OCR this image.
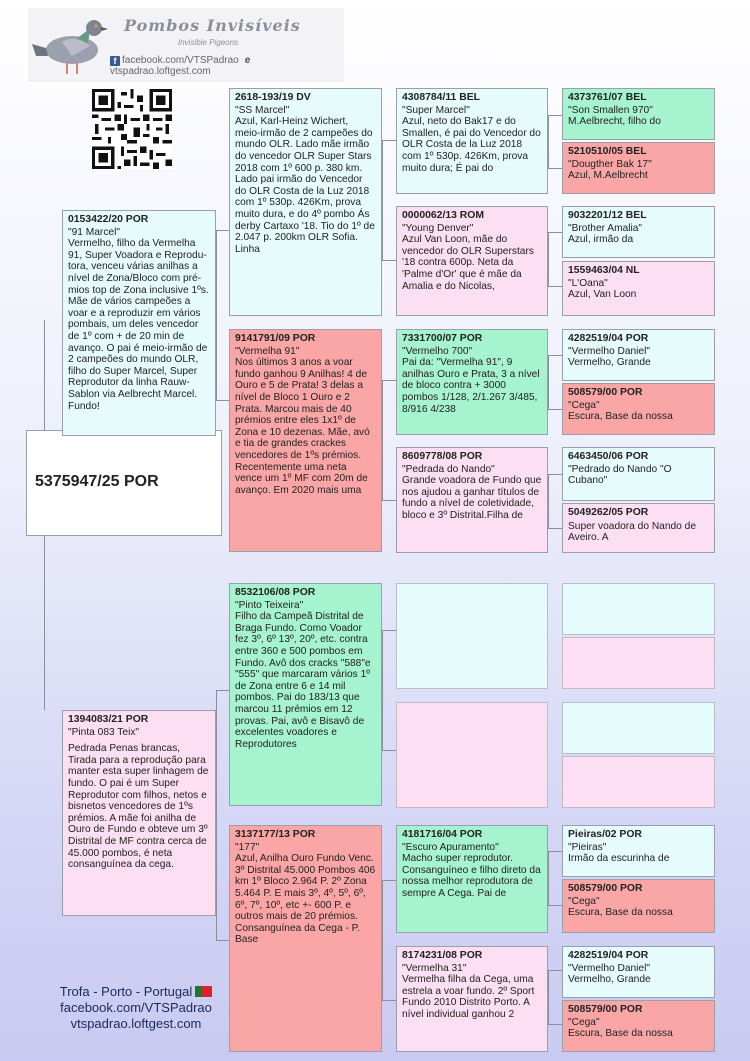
Pombos Invisíveis
Invisible Pigeons
f facebook.com/VTSPadrao evtspadrao.loftgest.com
5375947/25 POR
0153422/20 POR
"91 Marcel"
Vermelho, filho da Vermelha 91, Super Voadora e Reprodu-tora, venceu várias anilhas a nível de Zona/Bloco com pré-mios top de Zona inclusive 1ºs. Mãe de vários campeões a voar e a reproduzir em vários pombais, um deles vencedor de 1º com + de 20 min de avanço. O pai é meio-irmão de 2 campeões do mundo OLR, filho do Super Marcel, Super Reprodutor da linha Rauw-Sablon via Aelbrecht Marcel. Fundo!
1394083/21 POR
"Pinta 083 Teix"
Pedrada Penas brancas, Tirada para a reprodução para manter esta super linhagem de fundo. O pai é um Super Reprodutor com filhos, netos e bisnetos vencedores de 1ºs prémios. A mãe foi anilha de Ouro de Fundo e obteve um 3º Distrital de MF contra cerca de 45.000 pombos, é neta consanguínea da cega.
2618-193/19 DV
"SS Marcel"
Azul, Karl-Heinz Wichert, meio-irmão de 2 campeões do mundo OLR. Lado mãe irmão do vencedor OLR Super Stars 2018 com 1º 600 p. 380 km. Lado pai irmão do Vencedor do OLR Costa de la Luz 2018 com 1º 530p. 426Km, prova muito dura, e do 4º pombo Ás derby Cartaxo '18. Tio do 1º de 2.047 p. 200km OLR Sofia. Linha
9141791/09 POR
"Vermelha 91"
Nos últimos 3 anos a voar fundo ganhou 9 Anilhas! 4 de Ouro e 5 de Prata! 3 delas a nível de Bloco 1 Ouro e 2 Prata. Marcou mais de 40 prémios entre eles 1x1º de Zona e 10 dezenas. Mãe, avó e tia de grandes crackes vencedores de 1ºs prémios. Recentemente uma neta vence um 1º MF com 20m de avanço. Em 2020 mais uma
8532106/08 POR
"Pinto Teixeira"
Filho da Campeã Distrital de Braga Fundo. Como Voador fez 3º, 6º 13º, 20º, etc. contra entre 360 e 500 pombos em Fundo. Avô dos cracks "588"e "555" que marcaram vários 1º de Zona entre 6 e 14 mil pombos. Pai do 183/13 que marcou 11 prémios em 12 provas. Pai, avô e Bisavô de excelentes voadores e Reprodutores
3137177/13 POR
"177"
Azul, Anilha Ouro Fundo Venc. 3º Distrital 45.000 Pombos 406 km 1º Bloco 2.964 P. 2º Zona 5.464 P. E mais 3º, 4º, 5º, 6º, 6º, 7º, 10º, etc +- 600 P. e outros mais de 20 prémios. Consanguínea da Cega - P. Base
4308784/11 BEL
"Super Marcel"
Azul, neto do Bak17 e do Smallen, é pai do Vencedor do OLR Costa de la Luz 2018 com 1º 530p. 426Km, prova muito dura; É pai do
0000062/13 ROM
"Young Denver"
Azul Van Loon, mãe do vencedor do OLR Superstars '18 contra 600p. Neta da 'Palme d'Or' que é mãe da Amalia e do Nicolas,
7331700/07 POR
"Vermelho 700"
Pai da: "Vermelha 91", 9 anilhas Ouro e Prata, 3 a nível de bloco contra + 3000 pombos 1/128, 2/1.267 3/485, 8/916 4/238
8609778/08 POR
"Pedrada do Nando"
Grande voadora de Fundo que nos ajudou a ganhar títulos de fundo a nível de coletividade, bloco e 3º Distrital.Filha de
4181716/04 POR
"Escuro Apuramento"
Macho super reprodutor. Consanguíneo e filho direto da nossa melhor reprodutora de sempre A Cega. Pai de
8174231/08 POR
"Vermelha 31"
Vermelha filha da Cega, uma estrela a voar fundo. 2º Sport Fundo 2010 Distrito Porto. A nível individual ganhou 2
4373761/07 BEL
"Son Smallen 970"
M.Aelbrecht, filho do
5210510/05 BEL
"Dougther Bak 17"
Azul, M.Aelbrecht
9032201/12 BEL
"Brother Amalia"
Azul, irmão da
1559463/04 NL
"L'Oana"
Azul, Van Loon
4282519/04 POR
"Vermelho Daniel"
Vermelho, Grande
508579/00 POR
"Cega"
Escura, Base da nossa
6463450/06 POR
"Pedrado do Nando "O Cubano"
5049262/05 POR
Super voadora do Nando de Aveiro. A
Pieiras/02 POR
"Pieiras"
Irmão da escurinha de
508579/00 POR
"Cega"
Escura, Base da nossa
4282519/04 POR
"Vermelho Daniel"
Vermelho, Grande
508579/00 POR
"Cega"
Escura, Base da nossa
Trofa - Porto - Portugal
facebook.com/VTSPadrao
vtspadrao.loftgest.com
